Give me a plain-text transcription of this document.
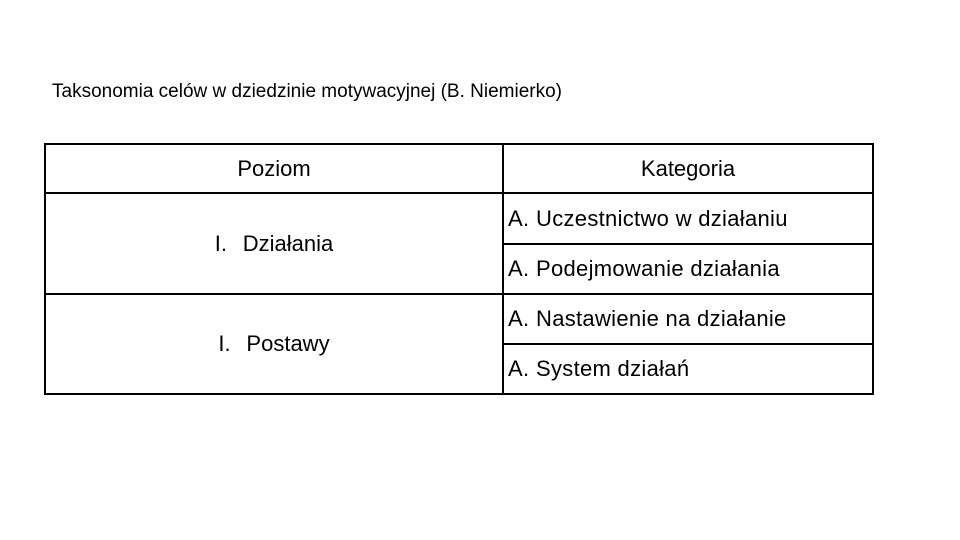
Taksonomia celów w dziedzinie motywacyjnej (B. Niemierko)
Poziom	Kategoria
I. Działania
A. Uczestnictwo w działaniu
A. Podejmowanie działania
I. Postawy
A. Nastawienie na działanie
A. System działań
